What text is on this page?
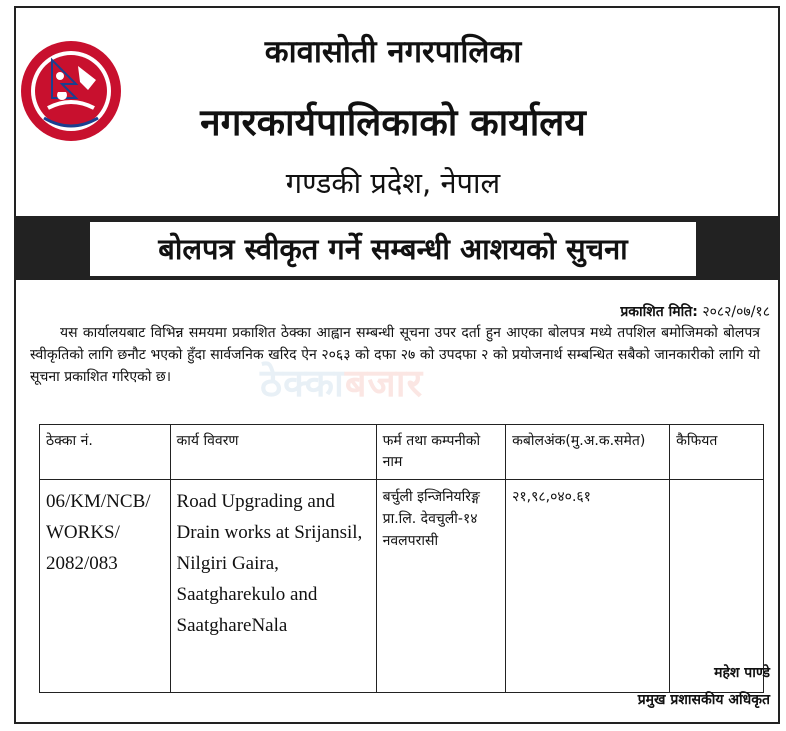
कावासोती नगरपालिका
नगरकार्यपालिकाको कार्यालय
गण्डकी प्रदेश, नेपाल
बोलपत्र स्वीकृत गर्ने सम्बन्धी आशयको सुचना
प्रकाशित मिति: २०८२/०७/१८
ठेक्काबजार
यस कार्यालयबाट विभिन्न समयमा प्रकाशित ठेक्का आह्वान सम्बन्धी सूचना उपर दर्ता हुन आएका बोलपत्र मध्ये तपशिल बमोजिमको बोलपत्र स्वीकृतिको लागि छनौट भएको हुँदा सार्वजनिक खरिद ऐन २०६३ को दफा २७ को उपदफा २ को प्रयोजनार्थ सम्बन्धित सबैको जानकारीको लागि यो सूचना प्रकाशित गरिएको छ।
ठेक्का नं.	कार्य विवरण	फर्म तथा कम्पनीको नाम	कबोलअंक(मु.अ.क.समेत)	कैफियत
06/KM/NCB/ WORKS/ 2082/083	Road Upgrading and Drain works at Srijansil, Nilgiri Gaira, Saatgharekulo and SaatghareNala	बर्चुली इन्जिनियरिङ्ग प्रा.लि. देवचुली-१४ नवलपरासी	२१,९८,०४०.६१	
महेश पाण्डे
प्रमुख प्रशासकीय अधिकृत
